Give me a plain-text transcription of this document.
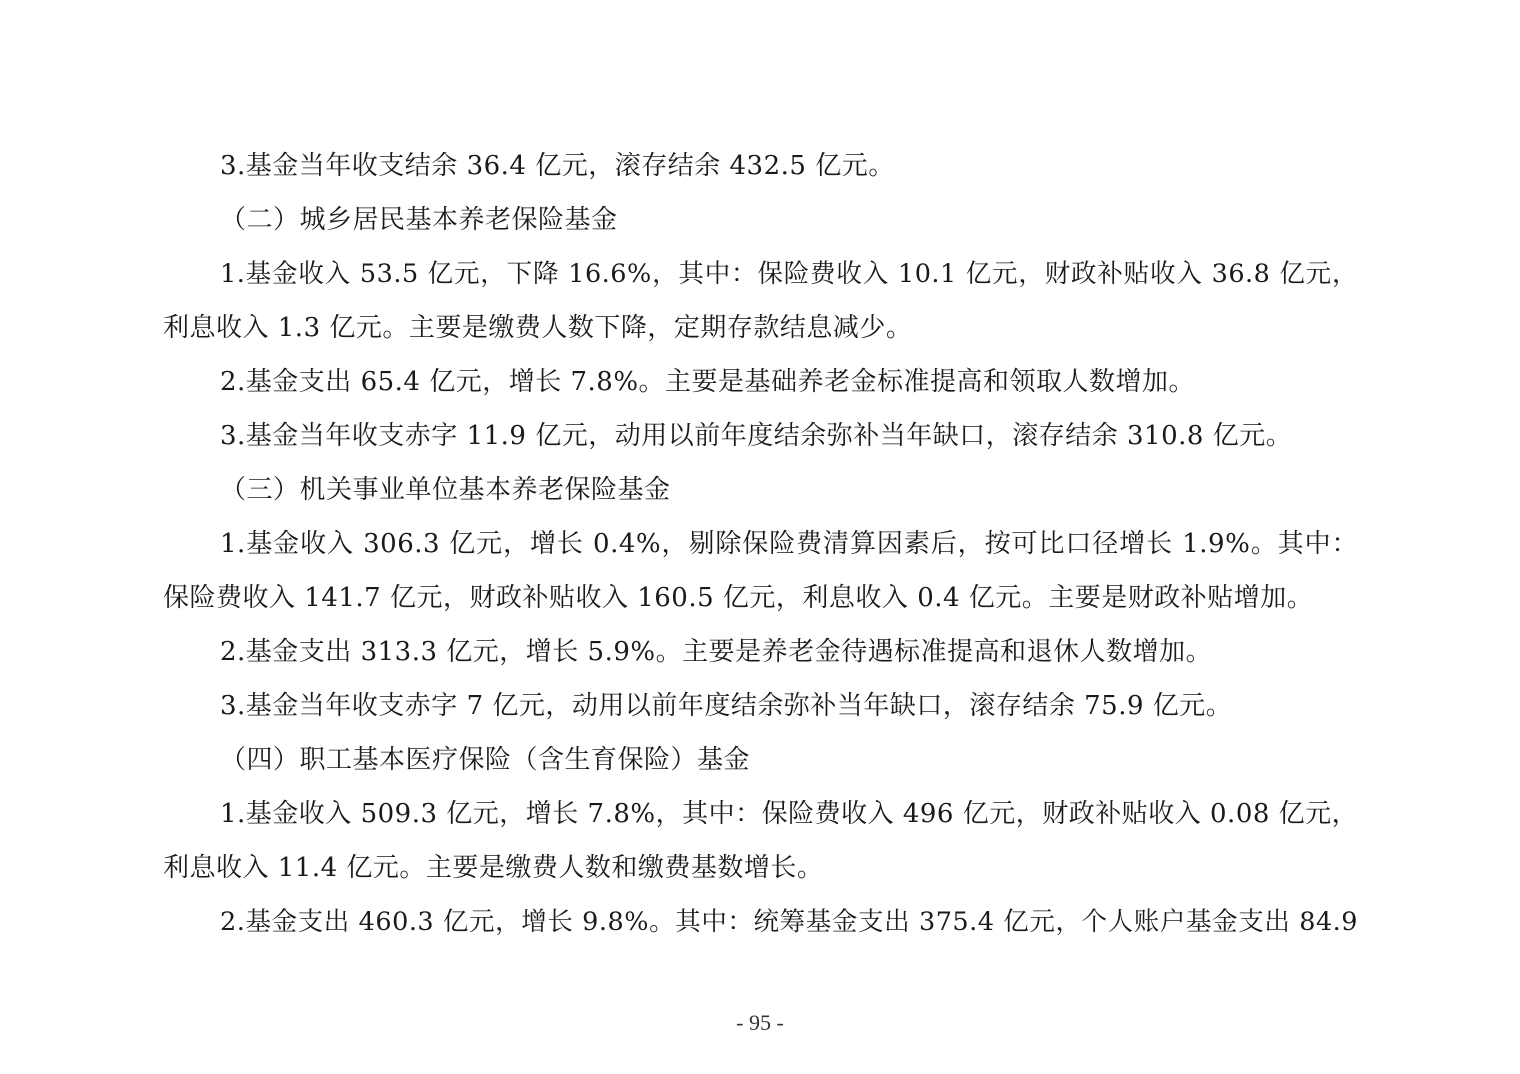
3.基金当年收支结余 36.4 亿元，滚存结余 432.5 亿元。
（二）城乡居民基本养老保险基金
1.基金收入 53.5 亿元，下降 16.6%，其中：保险费收入 10.1 亿元，财政补贴收入 36.8 亿元，
利息收入 1.3 亿元。主要是缴费人数下降，定期存款结息减少。
2.基金支出 65.4 亿元，增长 7.8%。主要是基础养老金标准提高和领取人数增加。
3.基金当年收支赤字 11.9 亿元，动用以前年度结余弥补当年缺口，滚存结余 310.8 亿元。
（三）机关事业单位基本养老保险基金
1.基金收入 306.3 亿元，增长 0.4%，剔除保险费清算因素后，按可比口径增长 1.9%。其中：
保险费收入 141.7 亿元，财政补贴收入 160.5 亿元，利息收入 0.4 亿元。主要是财政补贴增加。
2.基金支出 313.3 亿元，增长 5.9%。主要是养老金待遇标准提高和退休人数增加。
3.基金当年收支赤字 7 亿元，动用以前年度结余弥补当年缺口，滚存结余 75.9 亿元。
（四）职工基本医疗保险（含生育保险）基金
1.基金收入 509.3 亿元，增长 7.8%，其中：保险费收入 496 亿元，财政补贴收入 0.08 亿元，
利息收入 11.4 亿元。主要是缴费人数和缴费基数增长。
2.基金支出 460.3 亿元，增长 9.8%。其中：统筹基金支出 375.4 亿元，个人账户基金支出 84.9
- 95 -
